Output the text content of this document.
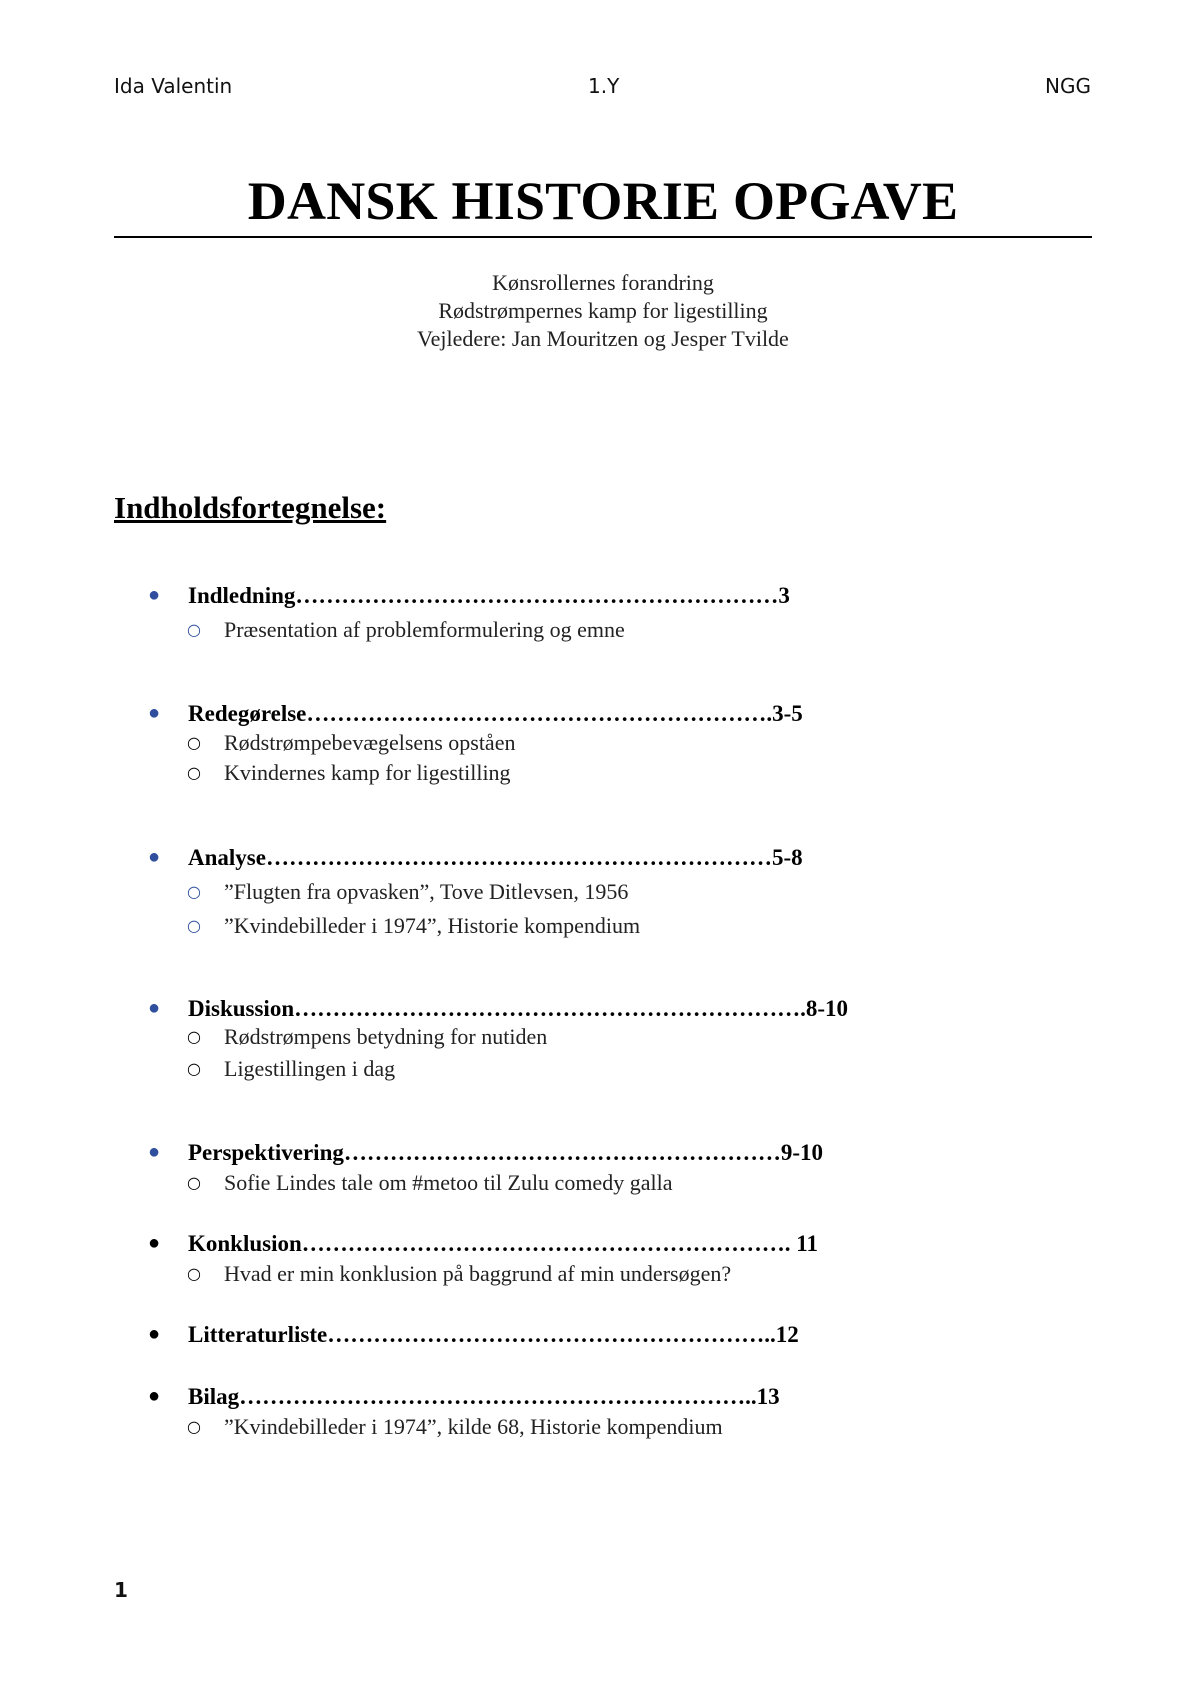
Ida Valentin	1.Y	NGG
DANSK HISTORIE OPGAVE
Kønsrollernes forandring
Rødstrømpernes kamp for ligestilling
Vejledere: Jan Mouritzen og Jesper Tvilde
Indholdsfortegnelse:
● Indledning………………………………………………………3
○ Præsentation af problemformulering og emne
● Redegørelse…………………………………………………….3-5
○ Rødstrømpebevægelsens opståen
○ Kvindernes kamp for ligestilling
● Analyse…………………………………………………………5-8
○ ”Flugten fra opvasken”, Tove Ditlevsen, 1956
○ ”Kvindebilleder i 1974”, Historie kompendium
● Diskussion………………………………………………………….8-10
○ Rødstrømpens betydning for nutiden
○ Ligestillingen i dag
● Perspektivering…………………………………………………9-10
○ Sofie Lindes tale om #metoo til Zulu comedy galla
● Konklusion………………………………………………………. 11
○ Hvad er min konklusion på baggrund af min undersøgen?
● Litteraturliste…………………………………………………..12
● Bilag…………………………………………………………..13
○ ”Kvindebilleder i 1974”, kilde 68, Historie kompendium
1
